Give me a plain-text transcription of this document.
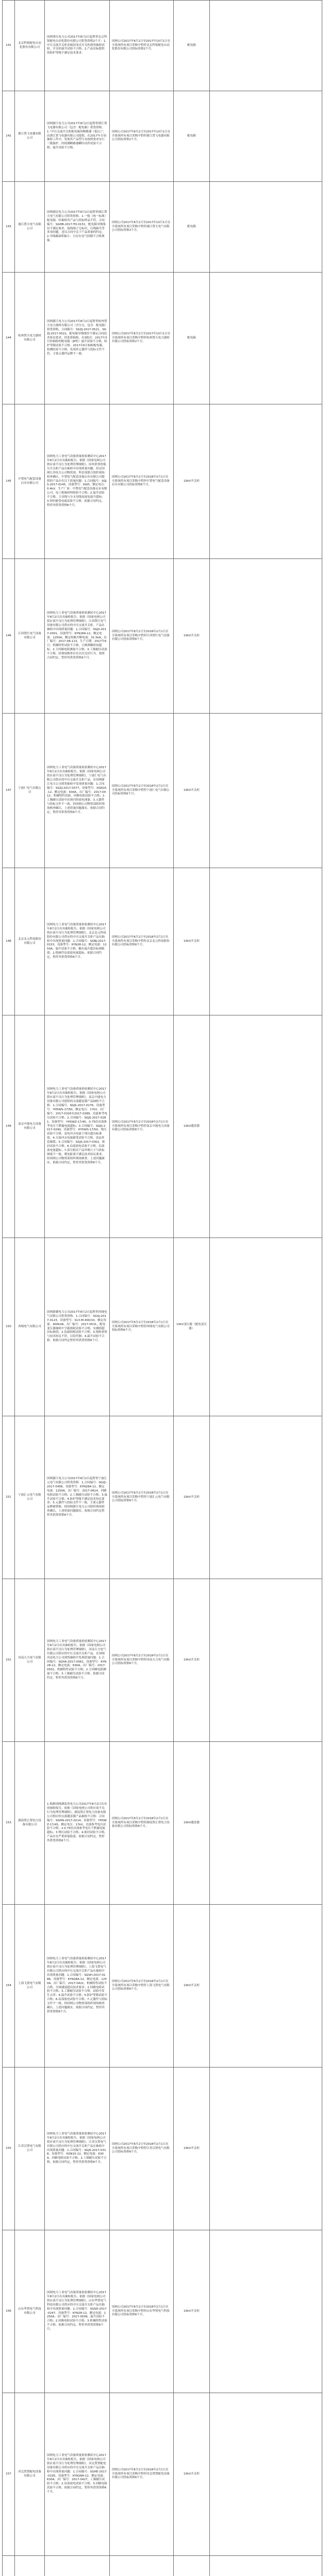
141	北京科锐配电自动化股份有限公司	国网重庆电力公司2017年8月2日起暂停北京科锐配电自动化股份有限公司供货资格2个月：1.中压交流开关柜金属封闭式开关柜到货抽检试验，开关柜温升试验不合格；2.产品实际提供的防护等级不满足技术要求。	国网公司2017年8月2日至2017年10月1日在全系统所有项目采购中暂停北京科锐配电自动化股份有限公司投标资格2个月。	配电箱	
142	浙江置飞电器有限公司	国网浙江电力公司2017年8月2日起暂停浙江置飞电器有限公司（包含：配电箱）供货资格。1.“中压交流开关柜配电箱用断路器（低压）”，由浙江置飞电器有限公司提供，在2017年专项抽检工作中，发现其产品型号未按照要求实行三级保护，经检测断路器瞬时动作试验不合格，温升试验不合格。	国网公司2017年8月2日至2017年10月1日在全系统所有项目采购中暂停浙江置飞电器有限公司投标资格2个月。	配电箱	
143	浦江置天电气有限公司	国网湖北电力公司2017年8月2日起暂停浦江置天电气有限公司供货资格。1.一般（统一标准）配电箱，经抽检其产品与投标样品不符，合同编号：SGHB-2017-TD-0151，配电箱导线线径不满足要求，接线端子无标识，压线缺失等多项问题，违反合同中关于产品质量的约定。2.导线截面积偏小，且存在电气间隙不合格现象。	国网公司2017年8月2日至2017年10月1日在全系统所有项目采购中暂停浦江置天电气有限公司投标资格2个月。	配电箱	
144	杭州置天电力器材有限公司	国网浙江电力公司2017年8月2日起暂停杭州置天电力器材有限公司（含分支，包含：配电箱）供货资格。合同编号：SGZJ-2017-0521、SGZJ-2017-0522，配电箱导线线径不满足合同技术协议要求，经监督抽检，有3批次：2017年3月经抽检的配电箱（JP柜）温升试验不合格，防护等级试验不合格；2017年6月抽检配电箱，检测结果不合格，发现其元器件与投标文件不符，主要元器件品牌不一致。	国网公司2017年8月2日至2017年10月1日在全系统所有项目采购中暂停杭州置天电力器材有限公司投标资格2个月。	配电箱	
145	中置电气配套设备启东有限公司	国网电力工业电气设备质量检验测试中心2017年8月2日出具抽检报告，依据《国家电网公司供应商不良行为处理管理细则》，因其供货的低压开关柜产品在抽检中出现质量问题，经过国网江苏电力公司物资部、科信部联合组织现场检查确认，中置电气配套设备启东有限公司提供的产品存在以下质量问题：1.合同编号：SGJS-2017-0245，设备型号：GGD，额定电压：0.4kV，生产厂家：中置电气配套设备启东有限公司，电工绝缘材料检验不合格；2.温升试验不合格，主母线与分支母线连接处温升超标；3.短时耐受电流试验不合格。依据合同约定，暂停其供货资格6个月。	国网公司2017年8月2日至2018年2月1日在全系统所有项目采购中暂停中置电气配套设备启东有限公司投标资格6个月。	10kV开关柜	
146	江西置红电气设备有限公司	国网电力工业电气设备质量检验测试中心2017年8月2日出具抽检报告，依据《国家电网公司供应商不良行为处理管理细则》，江西置红电气设备有限公司供应的中压交流开关柜，产品在抽检中出现质量问题：1.合同编号：SGJX-2017-0301，设备型号：KYN28A-12，额定电流：1250A，额定短路开断电流：31.5kA，出厂编号：2017-06-113，生产日期：2017年6月，机械特性试验不合格，合闸弹跳时间超标；2.主回路电阻测量不合格；3.工频耐压试验不合格，经现场核查存在以次充好行为，按照合同约定，暂停其供货资格6个月。	国网公司2017年8月2日至2018年2月1日在全系统所有项目采购中暂停江西置红电气设备有限公司投标资格6个月。	10kV开关柜	
147	宁波仁电气有限公司	国网电力工业电气设备质量检验测试中心2017年8月2日出具抽检报告，依据《国家电网公司供应商不良行为处理管理细则》，宁波仁电气有限公司供应的中压交流开关柜产品，在国网浙江电力公司到货抽检中发现质量问题：1.合同编号：SGZJ-2017-0377，设备型号：XGN15-12，额定电流：630A，出厂编号：2017-0412，机械特性试验、回路电阻试验不合格；2.工频耐压试验中出现闪络放电现象；3.元器件与投标文件不一致。经国网公司物资部组织现场核查确认，上述质量问题属实。依据合同约定，暂停其供货资格6个月。	国网公司2017年8月2日至2018年2月1日在全系统所有项目采购中暂停宁波仁电气有限公司投标资格6个月。	10kV开关柜	
148	北京北元科技股份有限公司	国网电力工业电气设备质量检验测试中心2017年8月2日出具抽检报告，依据《国家电网公司供应商不良行为处理管理细则》，北京北元科技股份有限公司供应的中压交流开关柜产品在抽检中出现质量问题：1.合同编号：SGBJ-2017-0153，设备型号：KYN28-12，额定电流：1250A，温升试验不合格，触头温升超出标准限值；2.绝缘件局部放电量超标。依据合同约定，暂停其供货资格6个月。	国网公司2017年8月2日至2018年2月1日在全系统所有项目采购中暂停北京北元科技股份有限公司投标资格6个月。	10kV开关柜	
149	南京中能电力设备有限公司	国网电力工业电气设备质量检验测试中心2017年8月2日出具抽检报告，依据《国家电网公司供应商不良行为处理管理细则》，南京中能电力设备有限公司提供的交流避雷器产品抽检不合格：1.合同编号：SGJS-2017-0276，设备型号：YH5WS-17/50，额定电压：17kV，出厂编号：2017-0326至2017-0389，直流参考电压试验不合格；2.合同编号：SGJS-2017-0281，设备型号：YH5WZ-17/45，0.75倍直流参考电压下泄漏电流超标；3.合同编号：SGJS-2017-0290，设备型号：HY5WS-17/50，残压试验不合格，雷电冲击电流下残压超出标准值；4.方波冲击电流耐受试验不合格，试品外套破裂；5.合同编号：SGJS-2017-0302，密封试验不合格；6.局部放电试验不合格，局部放电量超标；7.部分批次产品外观尺寸与投标图纸不一致，爬电距离不满足技术协议要求。经国网公司物资部组织现场核查，上述问题属实，依据合同约定，暂停其供货资格6个月。	国网公司2017年8月2日至2018年2月1日在全系统所有项目采购中暂停南京中能电力设备有限公司投标资格6个月。	10kV避雷器	
150	西域电气有限公司	国网新疆电力公司2017年8月2日起暂停西域电气有限公司供货资格。1.合同编号：SGXJ-2017-0123，设备型号：S13-M-400/10，额定容量：400kVA，出厂编号：2017-0531，配电变压器抽检中空载损耗试验不合格，实测值超出标准值；2.负载损耗试验不合格；3.绕组材质与技术协议不符，以铝代铜；4.温升试验不合格。依据合同约定暂停其供货资格6个月。	国网公司2017年8月2日至2018年2月1日在全系统所有项目采购中暂停西域电气有限公司投标资格6个月。	10kV变压器（配电变压器）	
151	宁波汇元电气有限公司	国网浙江电力公司2017年8月2日起暂停宁波汇元电气有限公司供货资格：1.合同编号：SGZJ-2017-0458，设备型号：KYN28A-12，额定电流：1250A，出厂编号：2017-0614，回路电阻试验不合格；2.工频耐压试验不合格；3.温升试验不合格；4.防护等级不满足技术协议要求；5.元器件与投标文件不一致，主要元器件品牌被替换。经国网浙江电力公司组织现场检查确认，上述质量问题属实，依据合同约定暂停其供货资格6个月。	国网公司2017年8月2日至2018年2月1日在全系统所有项目采购中暂停宁波汇元电气有限公司投标资格6个月。	10kV开关柜	
152	河南天力电气有限公司	国网电力工业电气设备质量检验测试中心2017年8月2日出具抽检报告，依据《国家电网公司供应商不良行为处理管理细则》，河南天力电气有限公司供应的中压交流开关柜产品，在国网河南电力公司到货抽检中发现质量问题：1.合同编号：SGHA-2017-0361，设备型号：KYN28-12，额定电流：630A，出厂编号：2017-0502，机械特性试验不合格；2.主回路电阻测量不合格；3.工频耐压试验不合格。依据合同约定，暂停其供货资格6个月。	国网公司2017年8月2日至2018年2月1日在全系统所有项目采购中暂停河南天力电气有限公司投标资格6个月。	10kV开关柜	
153	湖南置正置电力设备有限公司	1.根据国网湖南省电力公司2017年8月2日出具的抽检报告，依据《国家电网公司供应商不良行为处理管理细则》，湖南置正置电力设备有限公司供应的交流避雷器产品抽检不合格：合同编号：SGHN-2017-0214，设备型号：YH5WZ-17/45，额定电压：17kV，直流参考电压试验不合格；2.0.75倍直流参考电压下泄漏电流超标；3.残压试验不合格；4.密封试验不合格，产品存在严重质量隐患。依据合同约定，暂停其供货资格6个月。	国网公司2017年8月2日至2018年2月1日在全系统所有项目采购中暂停湖南置正置电力设备有限公司投标资格6个月。	10kV避雷器	
154	上海飞置电气有限公司	国网电力工业电气设备质量检验测试中心2017年8月2日出具抽检报告，依据《国家电网公司供应商不良行为处理管理细则》，上海飞置电气有限公司供应的中压交流开关柜产品在抽检中出现质量问题：1.合同编号：SGSH-2017-0186，设备型号：KYN28A-12，额定电流：1250A，出厂编号：2017-0421，机械特性试验不合格，分闸速度超出技术要求；2.回路电阻试验不合格；3.工频耐压试验不合格，试验中发生击穿；4.温升试验不合格；5.防护等级试验不合格；6.局部放电试验不合格；7.元器件与投标文件不一致。经国网公司物资部组织现场核查确认，上述问题属实，依据合同约定，暂停其供货资格6个月。	国网公司2017年8月2日至2018年2月1日在全系统所有项目采购中暂停上海飞置电气有限公司投标资格6个月。	10kV开关柜	
155	江苏汉置电气有限公司	国网电力工业电气设备质量检验测试中心2017年8月2日出具抽检报告，依据《国家电网公司供应商不良行为处理管理细则》，江苏汉置电气有限公司供应的中压交流开关柜产品在抽检中出现质量问题：1.合同编号：SGJS-2017-0318，设备型号：XGN15-12，额定电流：630A，回路电阻试验不合格；2.工频耐压试验不合格。依据合同约定，暂停其供货资格6个月。	国网公司2017年8月2日至2018年2月1日在全系统所有项目采购中暂停江苏汉置电气有限公司投标资格6个月。	10kV开关柜	
156	山东华置电气科技有限公司	国网电力工业电气设备质量检验测试中心2017年8月2日出具抽检报告，依据《国家电网公司供应商不良行为处理管理细则》，山东华置电气科技有限公司供应的中压交流开关柜产品在抽检中出现质量问题：1.合同编号：SGSD-2017-0247，设备型号：KYN28-12，额定电流：1250A，出厂编号：2017-0509，温升试验不合格；2.回路电阻试验不合格；3.机械特性试验不合格。依据合同约定，暂停其供货资格6个月。	国网公司2017年8月2日至2018年2月1日在全系统所有项目采购中暂停山东华置电气科技有限公司投标资格6个月。	10kV开关柜	
157	河北置置配电设备有限公司	国网电力工业电气设备质量检验测试中心2017年8月2日出具抽检报告，依据《国家电网公司供应商不良行为处理管理细则》，河北置置配电设备有限公司供应的中压交流开关柜产品在抽检中出现质量问题：1.合同编号：SGHE-2017-0195，设备型号：KYN28A-12，额定电流：630A，出厂编号：2017-0427，工频耐压试验不合格；2.局部放电试验不合格；3.回路电阻试验不合格。依据合同约定，暂停其供货资格6个月。	国网公司2017年8月2日至2018年2月1日在全系统所有项目采购中暂停河北置置配电设备有限公司投标资格6个月。	10kV开关柜	
